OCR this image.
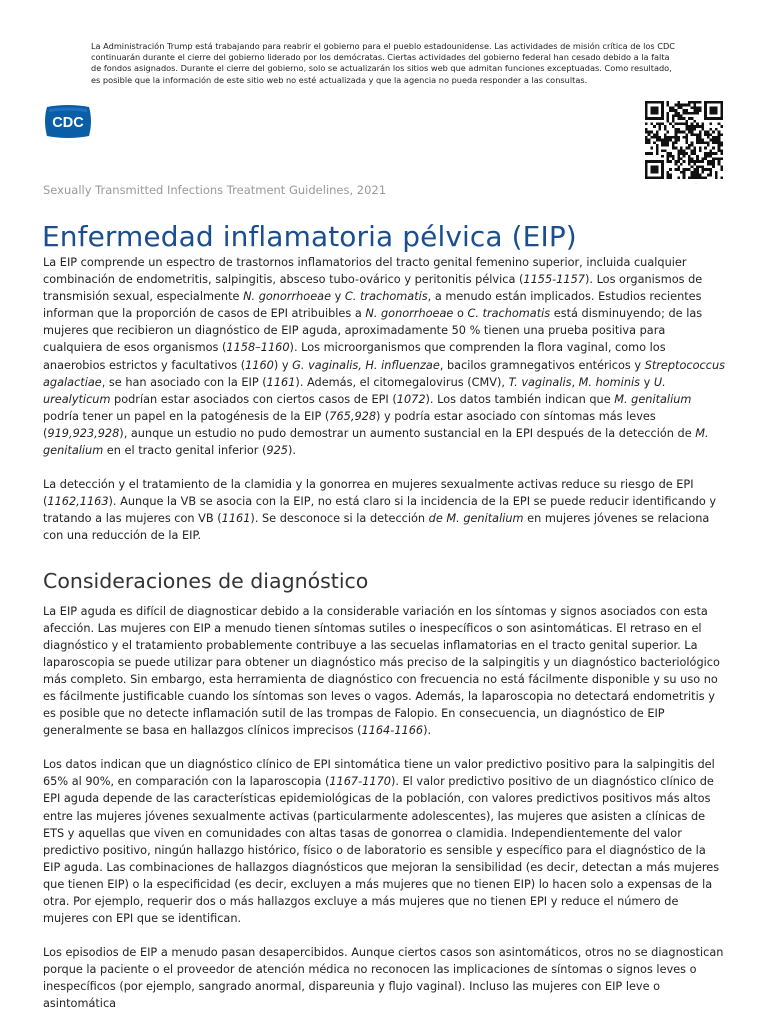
La Administración Trump está trabajando para reabrir el gobierno para el pueblo estadounidense. Las actividades de misión crítica de los CDC continuarán durante el cierre del gobierno liderado por los demócratas. Ciertas actividades del gobierno federal han cesado debido a la falta de fondos asignados. Durante el cierre del gobierno, solo se actualizarán los sitios web que admitan funciones exceptuadas. Como resultado, es posible que la información de este sitio web no esté actualizada y que la agencia no pueda responder a las consultas.
CDC
Sexually Transmitted Infections Treatment Guidelines, 2021
Enfermedad inflamatoria pélvica (EIP)

La EIP comprende un espectro de trastornos inflamatorios del tracto genital femenino superior, incluida cualquier combinación de endometritis, salpingitis, absceso tubo-ovárico y peritonitis pélvica (1155-1157). Los organismos de transmisión sexual, especialmente N. gonorrhoeae y C. trachomatis, a menudo están implicados. Estudios recientes informan que la proporción de casos de EPI atribuibles a N. gonorrhoeae o C. trachomatis está disminuyendo; de las mujeres que recibieron un diagnóstico de EIP aguda, aproximadamente 50 % tienen una prueba positiva para cualquiera de esos organismos (1158–1160). Los microorganismos que comprenden la flora vaginal, como los anaerobios estrictos y facultativos (1160) y G. vaginalis, H. influenzae, bacilos gramnegativos entéricos y Streptococcus agalactiae, se han asociado con la EIP (1161). Además, el citomegalovirus (CMV), T. vaginalis, M. hominis y U. urealyticum podrían estar asociados con ciertos casos de EPI (1072). Los datos también indican que M. genitalium podría tener un papel en la patogénesis de la EIP (765,928) y podría estar asociado con síntomas más leves (919,923,928), aunque un estudio no pudo demostrar un aumento sustancial en la EPI después de la detección de M. genitalium en el tracto genital inferior (925).

La detección y el tratamiento de la clamidia y la gonorrea en mujeres sexualmente activas reduce su riesgo de EPI (1162,1163). Aunque la VB se asocia con la EIP, no está claro si la incidencia de la EPI se puede reducir identificando y tratando a las mujeres con VB (1161). Se desconoce si la detección de M. genitalium en mujeres jóvenes se relaciona con una reducción de la EIP.

Consideraciones de diagnóstico

La EIP aguda es difícil de diagnosticar debido a la considerable variación en los síntomas y signos asociados con esta afección. Las mujeres con EIP a menudo tienen síntomas sutiles o inespecíficos o son asintomáticas. El retraso en el diagnóstico y el tratamiento probablemente contribuye a las secuelas inflamatorias en el tracto genital superior. La laparoscopia se puede utilizar para obtener un diagnóstico más preciso de la salpingitis y un diagnóstico bacteriológico más completo. Sin embargo, esta herramienta de diagnóstico con frecuencia no está fácilmente disponible y su uso no es fácilmente justificable cuando los síntomas son leves o vagos. Además, la laparoscopia no detectará endometritis y es posible que no detecte inflamación sutil de las trompas de Falopio. En consecuencia, un diagnóstico de EIP generalmente se basa en hallazgos clínicos imprecisos (1164-1166).

Los datos indican que un diagnóstico clínico de EPI sintomática tiene un valor predictivo positivo para la salpingitis del 65% al 90%, en comparación con la laparoscopia (1167-1170). El valor predictivo positivo de un diagnóstico clínico de EPI aguda depende de las características epidemiológicas de la población, con valores predictivos positivos más altos entre las mujeres jóvenes sexualmente activas (particularmente adolescentes), las mujeres que asisten a clínicas de ETS y aquellas que viven en comunidades con altas tasas de gonorrea o clamidia. Independientemente del valor predictivo positivo, ningún hallazgo histórico, físico o de laboratorio es sensible y específico para el diagnóstico de la EIP aguda. Las combinaciones de hallazgos diagnósticos que mejoran la sensibilidad (es decir, detectan a más mujeres que tienen EIP) o la especificidad (es decir, excluyen a más mujeres que no tienen EIP) lo hacen solo a expensas de la otra. Por ejemplo, requerir dos o más hallazgos excluye a más mujeres que no tienen EPI y reduce el número de mujeres con EPI que se identifican.

Los episodios de EIP a menudo pasan desapercibidos. Aunque ciertos casos son asintomáticos, otros no se diagnostican porque la paciente o el proveedor de atención médica no reconocen las implicaciones de síntomas o signos leves o inespecíficos (por ejemplo, sangrado anormal, dispareunia y flujo vaginal). Incluso las mujeres con EIP leve o asintomática
